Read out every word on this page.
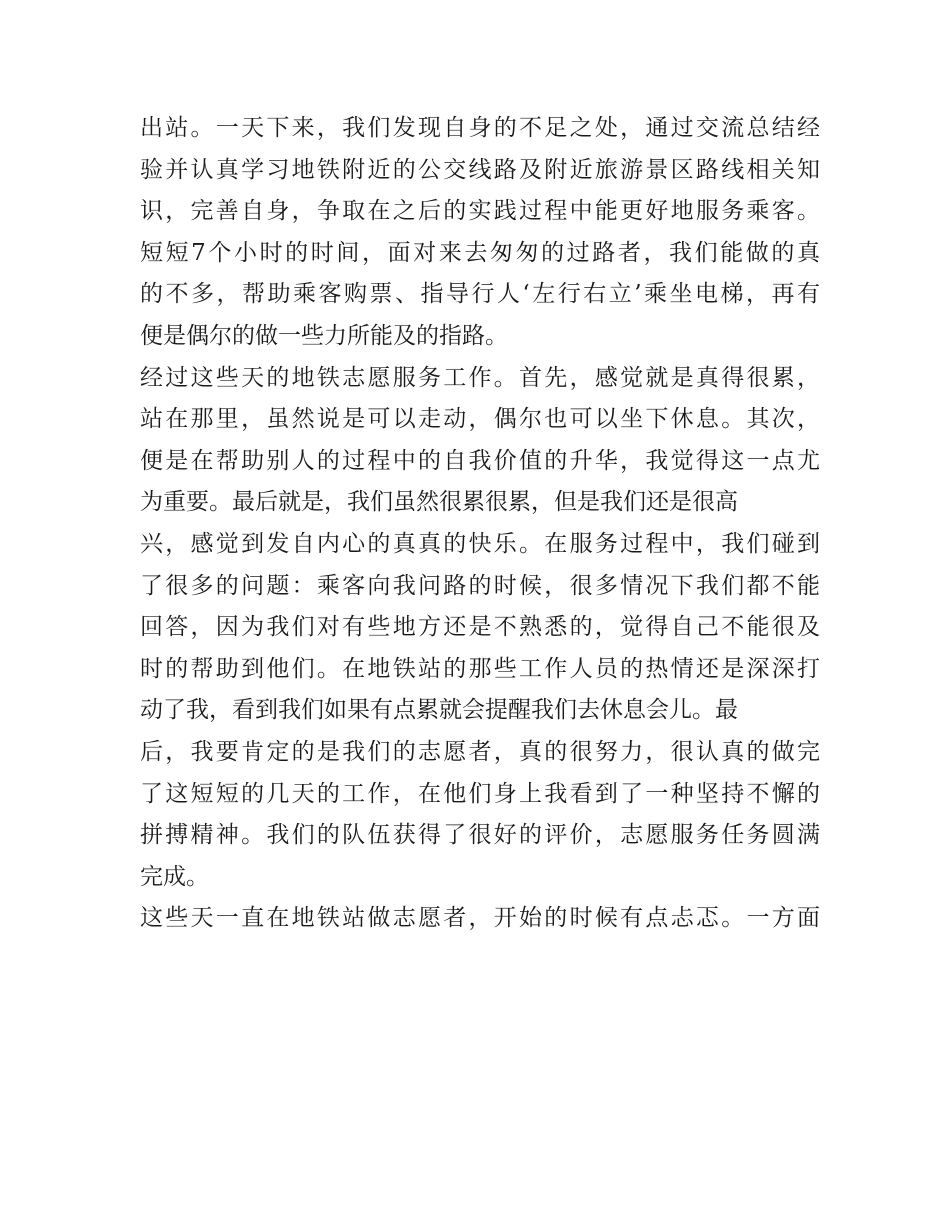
出站。一天下来，我们发现自身的不足之处，通过交流总结经
验并认真学习地铁附近的公交线路及附近旅游景区路线相关知
识，完善自身，争取在之后的实践过程中能更好地服务乘客。
短短7个小时的时间，面对来去匆匆的过路者，我们能做的真
的不多，帮助乘客购票、指导行人‘左行右立’乘坐电梯，再有
便是偶尔的做一些力所能及的指路。
经过这些天的地铁志愿服务工作。首先，感觉就是真得很累，
站在那里，虽然说是可以走动，偶尔也可以坐下休息。其次，
便是在帮助别人的过程中的自我价值的升华，我觉得这一点尤
为重要。最后就是，我们虽然很累很累，但是我们还是很高
兴，感觉到发自内心的真真的快乐。在服务过程中，我们碰到
了很多的问题：乘客向我问路的时候，很多情况下我们都不能
回答，因为我们对有些地方还是不熟悉的，觉得自己不能很及
时的帮助到他们。在地铁站的那些工作人员的热情还是深深打
动了我，看到我们如果有点累就会提醒我们去休息会儿。最
后，我要肯定的是我们的志愿者，真的很努力，很认真的做完
了这短短的几天的工作，在他们身上我看到了一种坚持不懈的
拼搏精神。我们的队伍获得了很好的评价，志愿服务任务圆满
完成。
这些天一直在地铁站做志愿者，开始的时候有点忐忑。一方面
